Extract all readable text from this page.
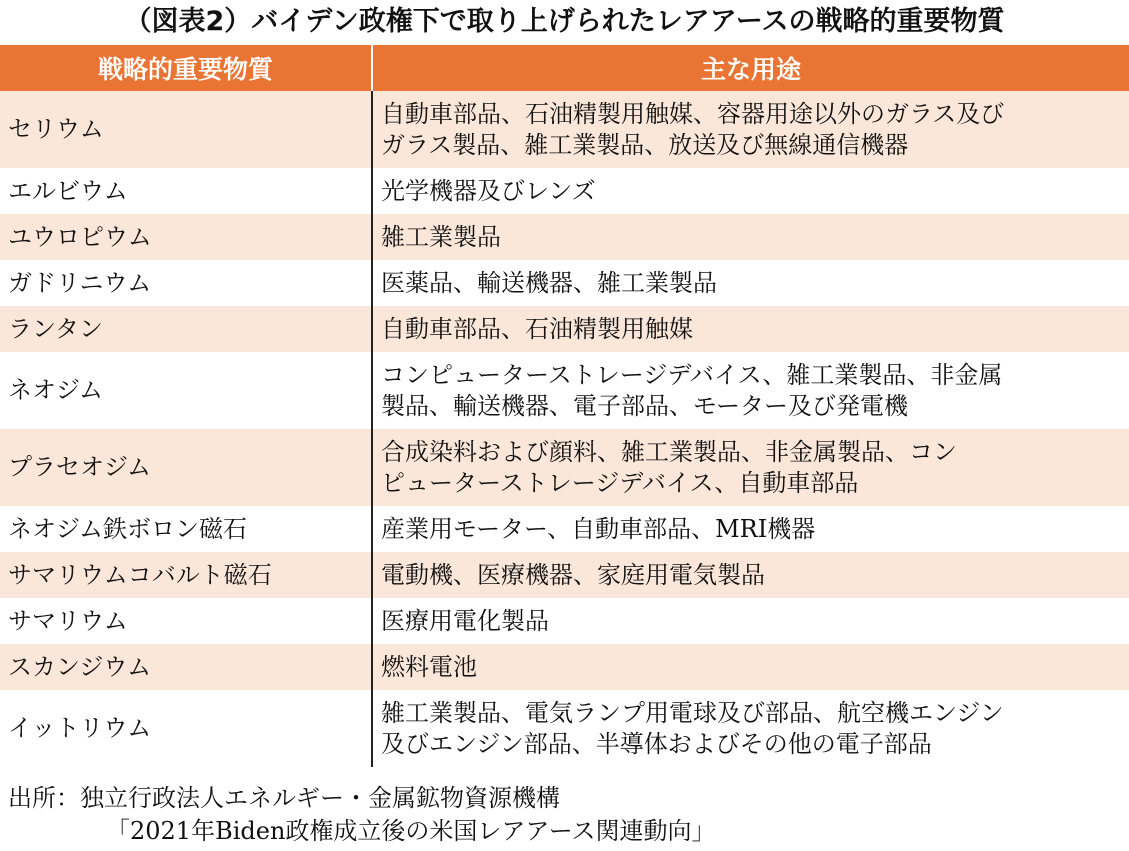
（図表2）バイデン政権下で取り上げられたレアアースの戦略的重要物質
戦略的重要物質	主な用途
セリウム	自動車部品、石油精製用触媒、容器用途以外のガラス及び
ガラス製品、雑工業製品、放送及び無線通信機器

エルビウム	光学機器及びレンズ

ユウロピウム	雑工業製品

ガドリニウム	医薬品、輸送機器、雑工業製品

ランタン	自動車部品、石油精製用触媒

ネオジム	コンピューターストレージデバイス、雑工業製品、非金属
製品、輸送機器、電子部品、モーター及び発電機

プラセオジム	合成染料および顔料、雑工業製品、非金属製品、コン
ピューターストレージデバイス、自動車部品

ネオジム鉄ボロン磁石	産業用モーター、自動車部品、MRI機器

サマリウムコバルト磁石	電動機、医療機器、家庭用電気製品

サマリウム	医療用電化製品

スカンジウム	燃料電池

イットリウム	雑工業製品、電気ランプ用電球及び部品、航空機エンジン
及びエンジン部品、半導体およびその他の電子部品
出所：独立行政法人エネルギー・金属鉱物資源機構
「2021年Biden政権成立後の米国レアアース関連動向」
